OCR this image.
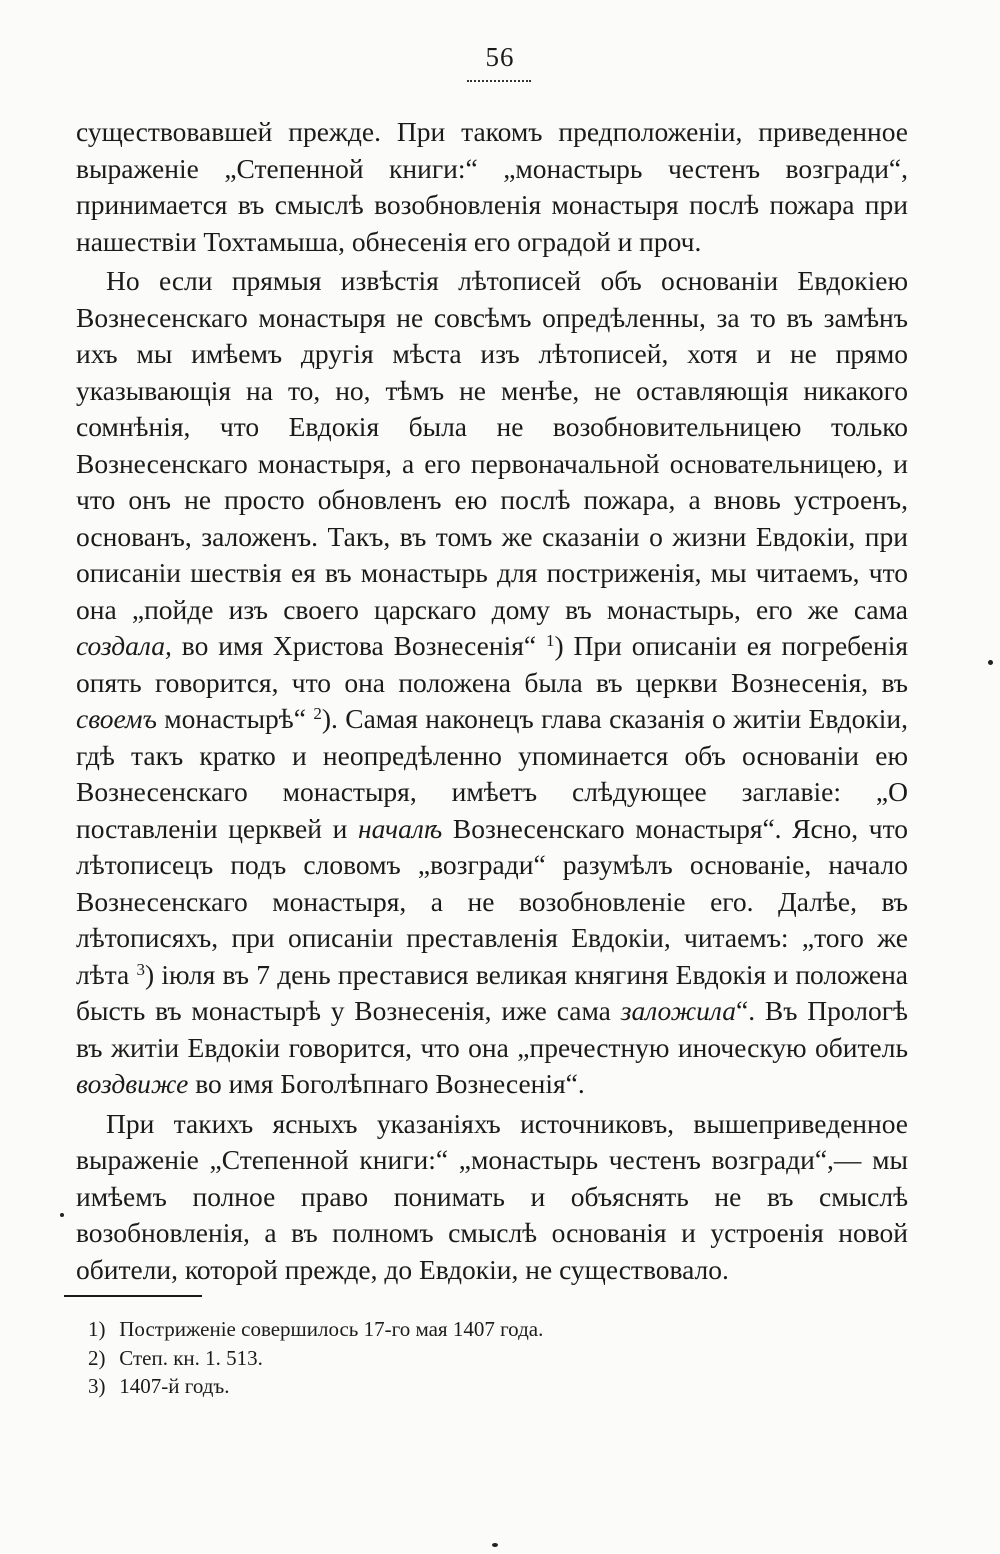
56

существовавшей прежде. При такомъ предположеніи, приведенное выраженіе „Степенной книги:“ „монастырь честенъ возгради“, принимается въ смыслѣ возобновленія монастыря послѣ пожара при нашествіи Тохтамыша, обнесенія его оградой и проч.

Но если прямыя извѣстія лѣтописей объ основаніи Евдокіею Вознесенскаго монастыря не совсѣмъ опредѣленны, за то въ замѣнъ ихъ мы имѣемъ другія мѣста изъ лѣтописей, хотя и не прямо указывающія на то, но, тѣмъ не менѣе, не оставляющія никакого сомнѣнія, что Евдокія была не возобновительницею только Вознесенскаго монастыря, а его первоначальной основательницею, и что онъ не просто обновленъ ею послѣ пожара, а вновь устроенъ, основанъ, заложенъ. Такъ, въ томъ же сказаніи о жизни Евдокіи, при описаніи шествія ея въ монастырь для постриженія, мы читаемъ, что она „пойде изъ своего царскаго дому въ монастырь, его же сама создала, во имя Христова Вознесенія“ $^1$) При описаніи ея погребенія опять говорится, что она положена была въ церкви Вознесенія, въ своемъ монастырѣ“ $^2$). Самая наконецъ глава сказанія о житіи Евдокіи, гдѣ такъ кратко и неопредѣленно упоминается объ основаніи ею Вознесенскаго монастыря, имѣетъ слѣдующее заглавіе: „О поставленіи церквей и началѣ Вознесенскаго монастыря“. Ясно, что лѣтописецъ подъ словомъ „возгради“ разумѣлъ основаніе, начало Вознесенскаго монастыря, а не возобновленіе его. Далѣе, въ лѣтописяхъ, при описаніи преставленія Евдокіи, читаемъ: „того же лѣта $^3$) іюля въ 7 день преставися великая княгиня Евдокія и положена бысть въ монастырѣ у Вознесенія, иже сама заложила“. Въ Прологѣ въ житіи Евдокіи говорится, что она „пречестную иноческую обитель воздвиже во имя Боголѣпнаго Вознесенія“.

При такихъ ясныхъ указаніяхъ источниковъ, вышеприведенное выраженіе „Степенной книги:“ „монастырь честенъ возгради“,— мы имѣемъ полное право понимать и объяснять не въ смыслѣ возобновленія, а въ полномъ смыслѣ основанія и устроенія новой обители, которой прежде, до Евдокіи, не существовало.

1) Постриженіе совершилось 17-го мая 1407 года.
2) Степ. кн. 1. 513.
3) 1407-й годъ.
